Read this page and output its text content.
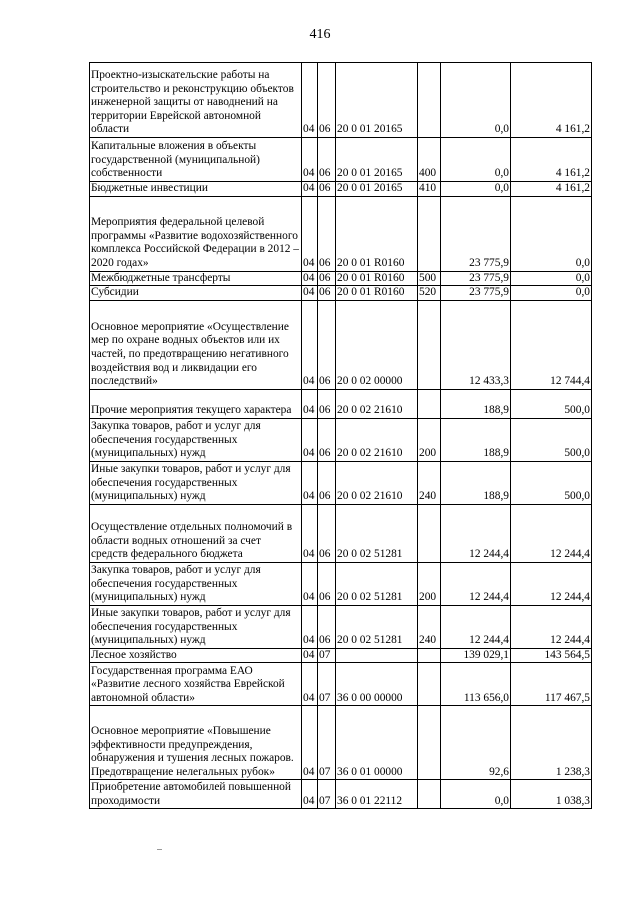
416
Проектно-изыскательские работы на строительство и реконструкцию объектов инженерной защиты от наводнений на территории Еврейской автономной области	04	06	20 0 01 20165		0,0	4 161,2
Капитальные вложения в объекты государственной (муниципальной) собственности	04	06	20 0 01 20165	400	0,0	4 161,2
Бюджетные инвестиции	04	06	20 0 01 20165	410	0,0	4 161,2
Мероприятия федеральной целевой программы «Развитие водохозяйственного комплекса Российской Федерации в 2012 – 2020 годах»	04	06	20 0 01 R0160		23 775,9	0,0
Межбюджетные трансферты	04	06	20 0 01 R0160	500	23 775,9	0,0
Субсидии	04	06	20 0 01 R0160	520	23 775,9	0,0
Основное мероприятие «Осуществление мер по охране водных объектов или их частей, по предотвращению негативного воздействия вод и ликвидации его последствий»	04	06	20 0 02 00000		12 433,3	12 744,4
Прочие мероприятия текущего характера	04	06	20 0 02 21610		188,9	500,0
Закупка товаров, работ и услуг для обеспечения государственных (муниципальных) нужд	04	06	20 0 02 21610	200	188,9	500,0
Иные закупки товаров, работ и услуг для обеспечения государственных (муниципальных) нужд	04	06	20 0 02 21610	240	188,9	500,0
Осуществление отдельных полномочий в области водных отношений за счет средств федерального бюджета	04	06	20 0 02 51281		12 244,4	12 244,4
Закупка товаров, работ и услуг для обеспечения государственных (муниципальных) нужд	04	06	20 0 02 51281	200	12 244,4	12 244,4
Иные закупки товаров, работ и услуг для обеспечения государственных (муниципальных) нужд	04	06	20 0 02 51281	240	12 244,4	12 244,4
Лесное хозяйство	04	07			139 029,1	143 564,5
Государственная программа ЕАО «Развитие лесного хозяйства Еврейской автономной области»	04	07	36 0 00 00000		113 656,0	117 467,5
Основное мероприятие «Повышение эффективности предупреждения, обнаружения и тушения лесных пожаров. Предотвращение нелегальных рубок»	04	07	36 0 01 00000		92,6	1 238,3
Приобретение автомобилей повышенной проходимости	04	07	36 0 01 22112		0,0	1 038,3
